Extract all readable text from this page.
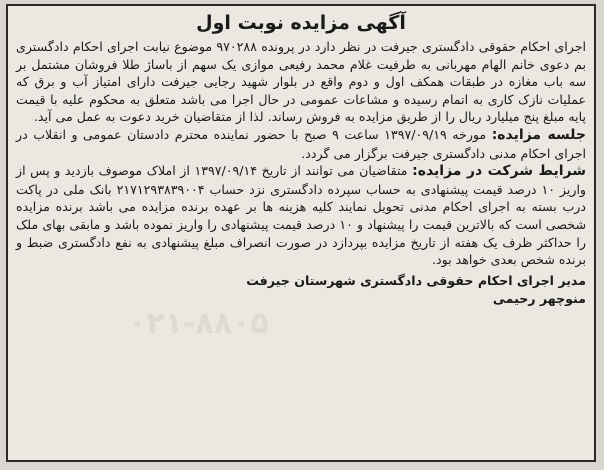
آگهی مزایده نوبت اول

اجرای احکام حقوقی دادگستری جیرفت در نظر دارد در پرونده ۹۷۰۲۸۸ موضوع نیابت اجرای احکام دادگستری بم دعوی خانم الهام مهربانی به طرفیت غلام محمد رفیعی موازی یک سهم از باساژ طلا فروشان مشتمل بر سه باب مغازه در طبقات همکف اول و دوم واقع در بلوار شهید رجایی جیرفت دارای امتیاز آب و برق که عملیات نازک کاری به اتمام رسیده و مشاعات عمومی در حال اجرا می باشد متعلق به محکوم علیه با قیمت پایه مبلغ پنج میلیارد ریال را از طریق مزایده به فروش رساند. لذا از متقاضیان خرید دعوت به عمل می آید.

جلسه مزایده: مورخه ۱۳۹۷/۰۹/۱۹ ساعت ۹ صبح با حضور نماینده محترم دادستان عمومی و انقلاب در اجرای احکام مدنی دادگستری جیرفت برگزار می گردد.

شرایط شرکت در مزایده: متقاضیان می توانند از تاریخ ۱۳۹۷/۰۹/۱۴ از املاک موصوف بازدید و پس از واریز ۱۰ درصد قیمت پیشنهادی به حساب سپرده دادگستری نزد حساب ۲۱۷۱۲۹۳۸۳۹۰۰۴ بانک ملی در پاکت درب بسته به اجرای احکام مدنی تحویل نمایند کلیه هزینه ها بر عهده برنده مزایده می باشد برنده مزایده شخصی است که بالاترین قیمت را پیشنهاد و ۱۰ درصد قیمت پیشنهادی را واریز نموده باشد و مابقی بهای ملک را حداکثر ظرف یک هفته از تاریخ مزایده بپردازد در صورت انصراف مبلغ پیشنهادی به نفع دادگستری ضبط و برنده شخص بعدی خواهد بود.

مدیر اجرای احکام حقوقی دادگستری شهرستان جیرفت
منوچهر رحیمی
۰۲۱-۸۸۰۵
